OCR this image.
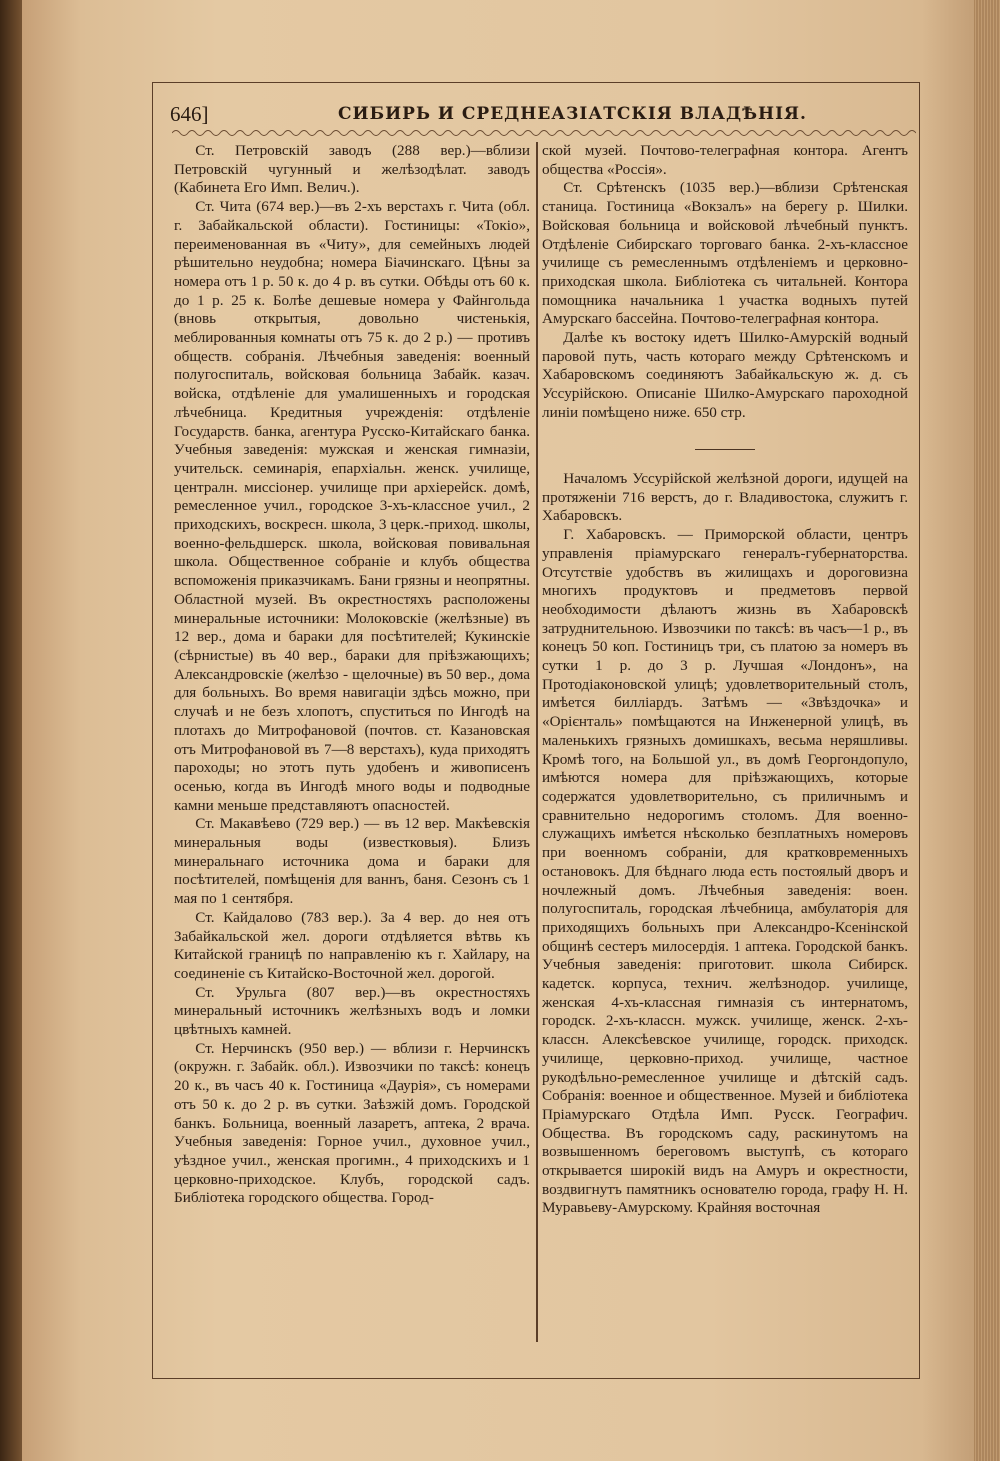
646]	СИБИРЬ И СРЕДНЕАЗІАТСКІЯ ВЛАДѢНІЯ.

Ст. Петровскій заводъ (288 вер.)—вблизи Петровскій чугунный и желѣзодѣлат. заводъ (Кабинета Его Имп. Велич.).

Ст. Чита (674 вер.)—въ 2-хъ верстахъ г. Чита (обл. г. Забайкальской области). Гостиницы: «Токіо», переименованная въ «Читу», для семейныхъ людей рѣшительно неудобна; номера Біачинскаго. Цѣны за номера отъ 1 р. 50 к. до 4 р. въ сутки. Обѣды отъ 60 к. до 1 р. 25 к. Болѣе дешевые номера у Файнгольда (вновь открытыя, довольно чистенькія, меблированныя комнаты отъ 75 к. до 2 р.) — противъ обществ. собранія. Лѣчебныя заведенія: военный полугоспиталь, войсковая больница Забайк. казач. войска, отдѣленіе для умалишенныхъ и городская лѣчебница. Кредитныя учрежденія: отдѣленіе Государств. банка, агентура Русско-Китайскаго банка. Учебныя заведенія: мужская и женская гимназіи, учительск. семинарія, епархіальн. женск. училище, централн. миссіонер. училище при архіерейск. домѣ, ремесленное учил., городское 3-хъ-классное учил., 2 приходскихъ, воскресн. школа, 3 церк.-приход. школы, военно-фельдшерск. школа, войсковая повивальная школа. Общественное собраніе и клубъ общества вспоможенія приказчикамъ. Бани грязны и неопрятны. Областной музей. Въ окрестностяхъ расположены минеральные источники: Молоковскіе (желѣзные) въ 12 вер., дома и бараки для посѣтителей; Кукинскіе (сѣрнистые) въ 40 вер., бараки для пріѣзжающихъ; Александровскіе (желѣзо - щелочные) въ 50 вер., дома для больныхъ. Во время навигаціи здѣсь можно, при случаѣ и не безъ хлопотъ, спуститься по Ингодѣ на плотахъ до Митрофановой (почтов. ст. Казановская отъ Митрофановой въ 7—8 верстахъ), куда приходятъ пароходы; но этотъ путь удобенъ и живописенъ осенью, когда въ Ингодѣ много воды и подводные камни меньше представляютъ опасностей.

Ст. Макавѣево (729 вер.) — въ 12 вер. Макѣевскія минеральныя воды (известковыя). Близъ минеральнаго источника дома и бараки для посѣтителей, помѣщенія для ваннъ, баня. Сезонъ съ 1 мая по 1 сентября.

Ст. Кайдалово (783 вер.). За 4 вер. до нея отъ Забайкальской жел. дороги отдѣляется вѣтвь къ Китайской границѣ по направленію къ г. Хайлару, на соединеніе съ Китайско-Восточной жел. дорогой.

Ст. Урульга (807 вер.)—въ окрестностяхъ минеральный источникъ желѣзныхъ водъ и ломки цвѣтныхъ камней.

Ст. Нерчинскъ (950 вер.) — вблизи г. Нерчинскъ (окружн. г. Забайк. обл.). Извозчики по таксѣ: конецъ 20 к., въ часъ 40 к. Гостиница «Даурія», съ номерами отъ 50 к. до 2 р. въ сутки. Заѣзжій домъ. Городской банкъ. Больница, военный лазаретъ, аптека, 2 врача. Учебныя заведенія: Горное учил., духовное учил., уѣздное учил., женская прогимн., 4 приходскихъ и 1 церковно-приходское. Клубъ, городской садъ. Библіотека городского общества. Город-

ской музей. Почтово-телеграфная контора. Агентъ общества «Россія».

Ст. Срѣтенскъ (1035 вер.)—вблизи Срѣтенская станица. Гостиница «Вокзалъ» на берегу р. Шилки. Войсковая больница и войсковой лѣчебный пунктъ. Отдѣленіе Сибирскаго торговаго банка. 2-хъ-классное училище съ ремесленнымъ отдѣленіемъ и церковно-приходская школа. Библіотека съ читальней. Контора помощника начальника 1 участка водныхъ путей Амурскаго бассейна. Почтово-телеграфная контора.

Далѣе къ востоку идетъ Шилко-Амурскій водный паровой путь, часть котораго между Срѣтенскомъ и Хабаровскомъ соединяютъ Забайкальскую ж. д. съ Уссурійскою. Описаніе Шилко-Амурскаго пароходной линіи помѣщено ниже. 650 стр.

Началомъ Уссурійской желѣзной дороги, идущей на протяженіи 716 верстъ, до г. Владивостока, служитъ г. Хабаровскъ.

Г. Хабаровскъ. — Приморской области, центръ управленія пріамурскаго генералъ-губернаторства. Отсутствіе удобствъ въ жилищахъ и дороговизна многихъ продуктовъ и предметовъ первой необходимости дѣлаютъ жизнь въ Хабаровскѣ затруднительною. Извозчики по таксѣ: въ часъ—1 р., въ конецъ 50 коп. Гостиницъ три, съ платою за номеръ въ сутки 1 р. до 3 р. Лучшая «Лондонъ», на Протодіаконовской улицѣ; удовлетворительный столъ, имѣется билліардъ. Затѣмъ — «Звѣздочка» и «Орієнталь» помѣщаются на Инженерной улицѣ, въ маленькихъ грязныхъ домишкахъ, весьма неряшливы. Кромѣ того, на Большой ул., въ домѣ Георгондопуло, имѣются номера для пріѣзжающихъ, которые содержатся удовлетворительно, съ приличнымъ и сравнительно недорогимъ столомъ. Для военно-служащихъ имѣется нѣсколько безплатныхъ номеровъ при военномъ собраніи, для кратковременныхъ остановокъ. Для бѣднаго люда есть постоялый дворъ и ночлежный домъ. Лѣчебныя заведенія: воен. полугоспиталь, городская лѣчебница, амбулаторія для приходящихъ больныхъ при Александро-Ксенінской общинѣ сестеръ милосердія. 1 аптека. Городской банкъ. Учебныя заведенія: приготовит. школа Сибирск. кадетск. корпуса, технич. желѣзнодор. училище, женская 4-хъ-классная гимназія съ интернатомъ, городск. 2-хъ-классн. мужск. училище, женск. 2-хъ-классн. Алексѣевское училище, городск. приходск. училище, церковно-приход. училище, частное рукодѣльно-ремесленное училище и дѣтскій садъ. Собранія: военное и общественное. Музей и библіотека Пріамурскаго Отдѣла Имп. Русск. Географич. Общества. Въ городскомъ саду, раскинутомъ на возвышенномъ береговомъ выступѣ, съ котораго открывается широкій видъ на Амуръ и окрестности, воздвигнутъ памятникъ основателю города, графу Н. Н. Муравьеву-Амурскому. Крайняя восточная
